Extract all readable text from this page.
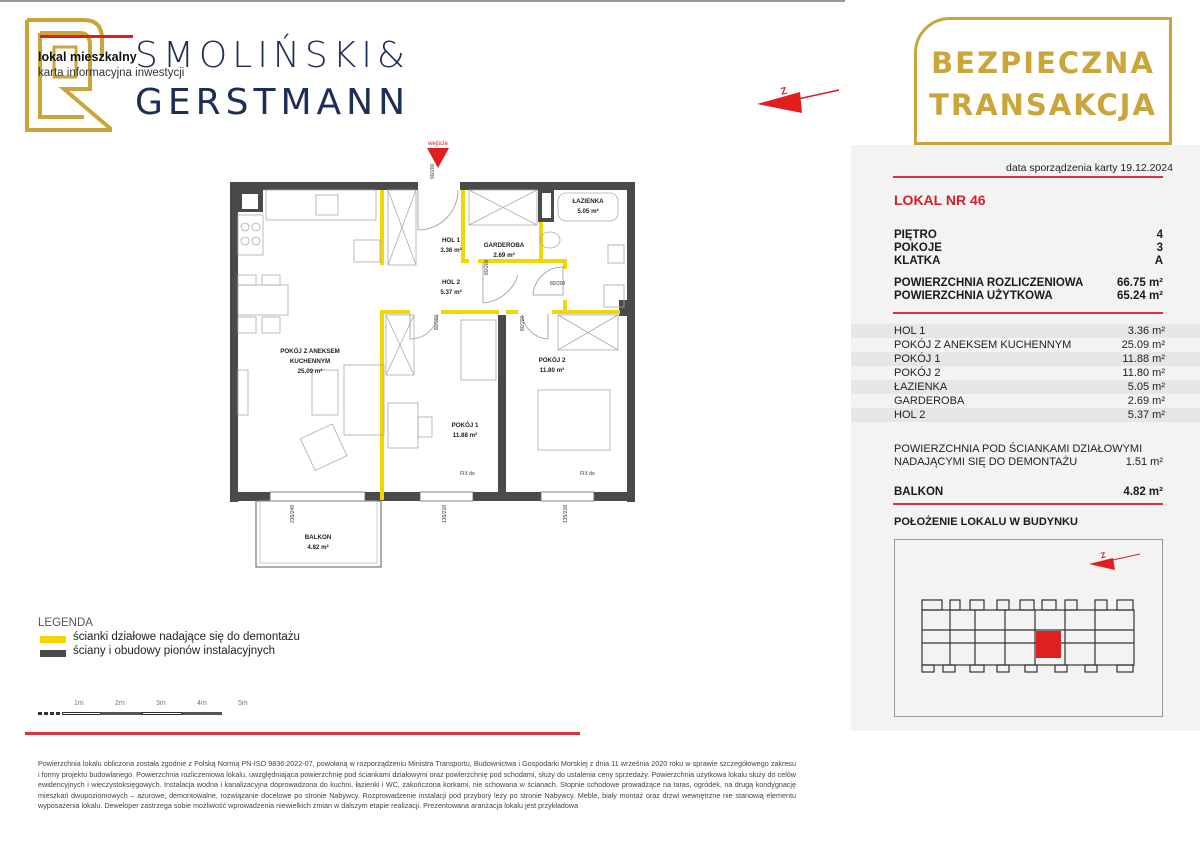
lokal mieszkalny
karta informacyjna inwestycji
SMOLIŃSKI&
GERSTMANN	Z
BEZPIECZNA
TRANSAKCJA
data sporządzenia karty 19.12.2024
LOKAL NR 46
PIĘTRO	4
POKOJE	3
KLATKA	A
POWIERZCHNIA ROZLICZENIOWA	66.75 m²
POWIERZCHNIA UŻYTKOWA	65.24 m²
HOL 1	3.36 m²
POKÓJ Z ANEKSEM KUCHENNYM	25.09 m²
POKÓJ 1	11.88 m²
POKÓJ 2	11.80 m²
ŁAZIENKA	5.05 m²
GARDEROBA	2.69 m²
HOL 2	5.37 m²
POWIERZCHNIA POD ŚCIANKAMI DZIAŁOWYMI
NADAJĄCYMI SIĘ DO DEMONTAŻU	1.51 m²
BALKON	4.82 m²
POŁOŻENIE LOKALU W BUDYNKU
Z
wejście
90/200
80/200
80/200
80/200	80/200
235/248	135/218	135/218
FIX do	FIX do
HOL 1
3.36 m²
HOL 2
5.37 m²
GARDEROBA
2.69 m²
ŁAZIENKA
5.05 m²
POKÓJ Z ANEKSEM
KUCHENNYM
25.09 m²
POKÓJ 1
11.88 m²
POKÓJ 2
11.80 m²
BALKON
4.82 m²
LEGENDA
ścianki działowe nadające się do demontażu
ściany i obudowy pionów instalacyjnych
1m	2m	3m	4m	5m
Powierzchnia lokalu obliczona została zgodnie z Polską Normą PN-ISO 9836:2022-07, powołaną w rozporządzeniu Ministra Transportu, Budownictwa i Gospodarki Morskiej z dnia 11 września 2020 roku w sprawie szczegółowego zakresu i formy projektu budowlanego. Powierzchnia rozliczeniowa lokalu, uwzględniająca powierzchnię pod ściankami działowymi oraz powierzchnię pod schodami, służy do ustalenia ceny sprzedaży. Powierzchnia użytkowa lokalu służy do celów ewidencyjnych i wieczystoksięgowych. Instalacja wodna i kanalizacyjna doprowadzona do kuchni, łazienki i WC, zakończona korkami, nie schowana w ścianach. Stopnie schodowe prowadzące na taras, ogródek, na drugą kondygnację mieszkań dwupoziomowych – ażurowe, demontowalne, rozwiązanie docelowe po stronie Nabywcy. Rozprowadzenie instalacji pod przybory leży po stronie Nabywcy. Meble, biały montaż oraz drzwi wewnętrzne nie stanowią elementu wyposażenia lokalu. Deweloper zastrzega sobie możliwość wprowadzenia niewielkich zmian w dalszym etapie realizacji. Prezentowana aranżacja lokalu jest przykładowa
